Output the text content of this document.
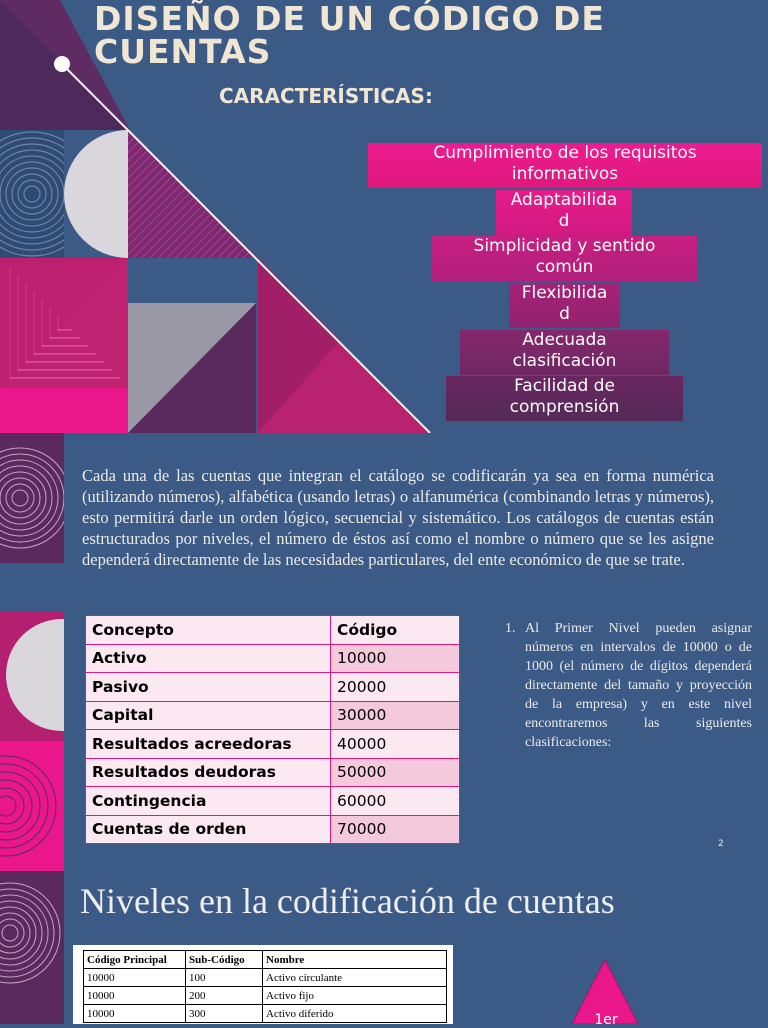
DISEÑO DE UN CÓDIGO DE
CUENTAS
CARACTERÍSTICAS:
Cumplimiento de los requisitos
informativos
Adaptabilida
d
Simplicidad y sentido
común
Flexibilida
d
Adecuada
clasificación
Facilidad de
comprensión
Cada una de las cuentas que integran el catálogo se codificarán ya sea en forma numérica (utilizando números), alfabética (usando letras) o alfanumérica (combinando letras y números), esto permitirá darle un orden lógico, secuencial y sistemático. Los catálogos de cuentas están estructurados por niveles, el número de éstos así como el nombre o número que se les asigne dependerá directamente de las necesidades particulares, del ente económico de que se trate.
Concepto	Código
Activo	10000
Pasivo	20000
Capital	30000
Resultados acreedoras	40000
Resultados deudoras	50000
Contingencia	60000
Cuentas de orden	70000
1. Al Primer Nivel pueden asignar números en intervalos de 10000 o de 1000 (el número de dígitos dependerá directamente del tamaño y proyección de la empresa) y en este nivel encontraremos las siguientes clasificaciones:
2
Niveles en la codificación de cuentas
Código Principal	Sub-Código	Nombre
10000	100	Activo circulante
10000	200	Activo fijo
10000	300	Activo diferido	1er
